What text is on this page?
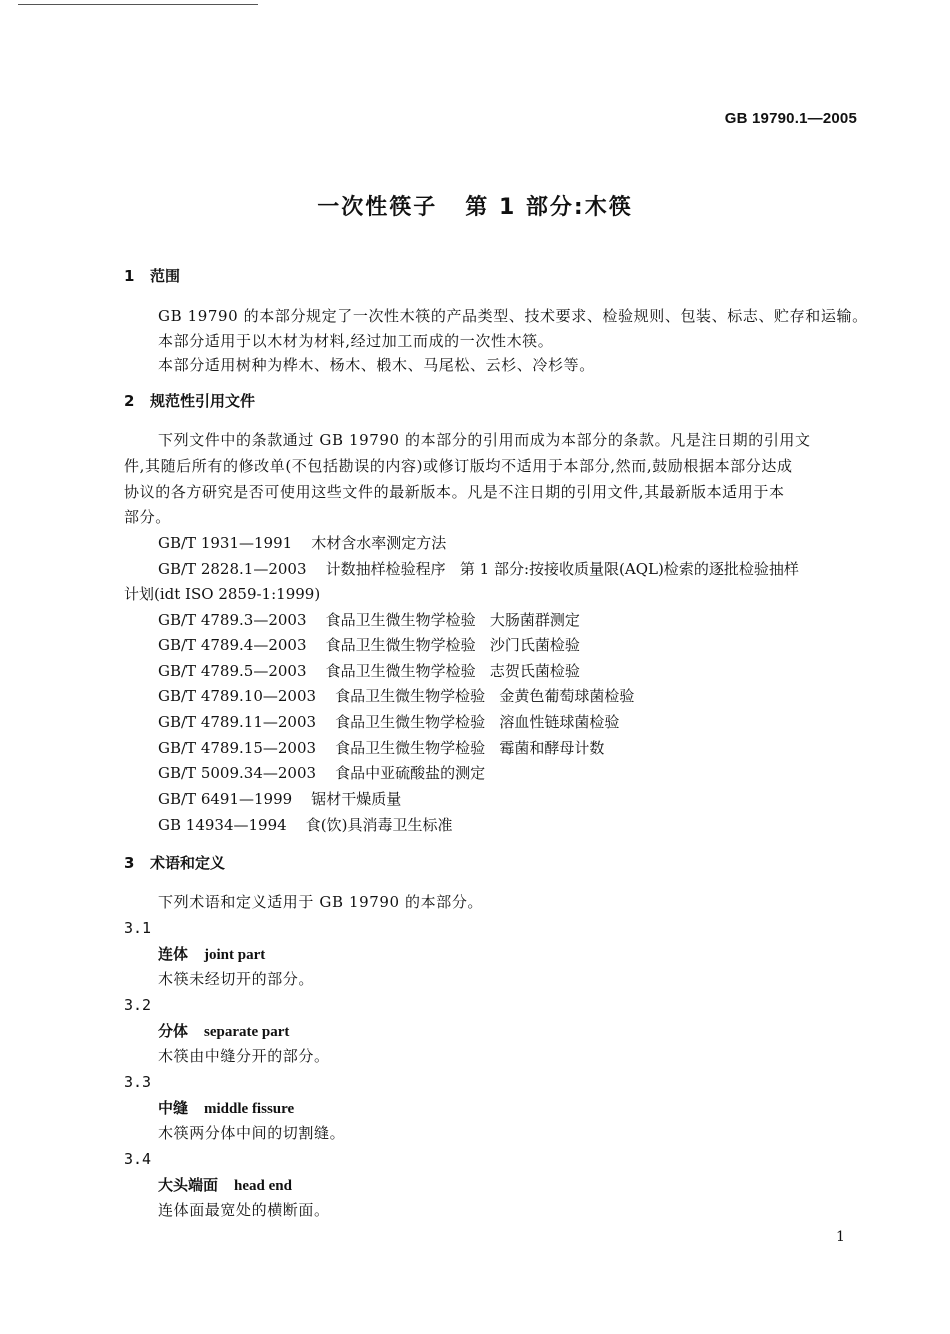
GB 19790.1—2005
一次性筷子 第 1 部分:木筷
1 范围
GB 19790 的本部分规定了一次性木筷的产品类型、技术要求、检验规则、包装、标志、贮存和运输。
本部分适用于以木材为材料,经过加工而成的一次性木筷。
本部分适用树种为桦木、杨木、椴木、马尾松、云杉、冷杉等。
2 规范性引用文件
下列文件中的条款通过 GB 19790 的本部分的引用而成为本部分的条款。凡是注日期的引用文
件,其随后所有的修改单(不包括勘误的内容)或修订版均不适用于本部分,然而,鼓励根据本部分达成
协议的各方研究是否可使用这些文件的最新版本。凡是不注日期的引用文件,其最新版本适用于本
部分。
GB/T 1931—1991 木材含水率测定方法
GB/T 2828.1—2003 计数抽样检验程序   第 1 部分:按接收质量限(AQL)检索的逐批检验抽样
计划(idt ISO 2859-1:1999)
GB/T 4789.3—2003 食品卫生微生物学检验   大肠菌群测定
GB/T 4789.4—2003 食品卫生微生物学检验   沙门氏菌检验
GB/T 4789.5—2003 食品卫生微生物学检验   志贺氏菌检验
GB/T 4789.10—2003 食品卫生微生物学检验   金黄色葡萄球菌检验
GB/T 4789.11—2003 食品卫生微生物学检验   溶血性链球菌检验
GB/T 4789.15—2003 食品卫生微生物学检验   霉菌和酵母计数
GB/T 5009.34—2003 食品中亚硫酸盐的测定
GB/T 6491—1999 锯材干燥质量
GB 14934—1994 食(饮)具消毒卫生标准
3 术语和定义
下列术语和定义适用于 GB 19790 的本部分。
3.1
连体 joint part
木筷未经切开的部分。
3.2
分体 separate part
木筷由中缝分开的部分。
3.3
中缝 middle fissure
木筷两分体中间的切割缝。
3.4
大头端面 head end
连体面最宽处的横断面。
1
